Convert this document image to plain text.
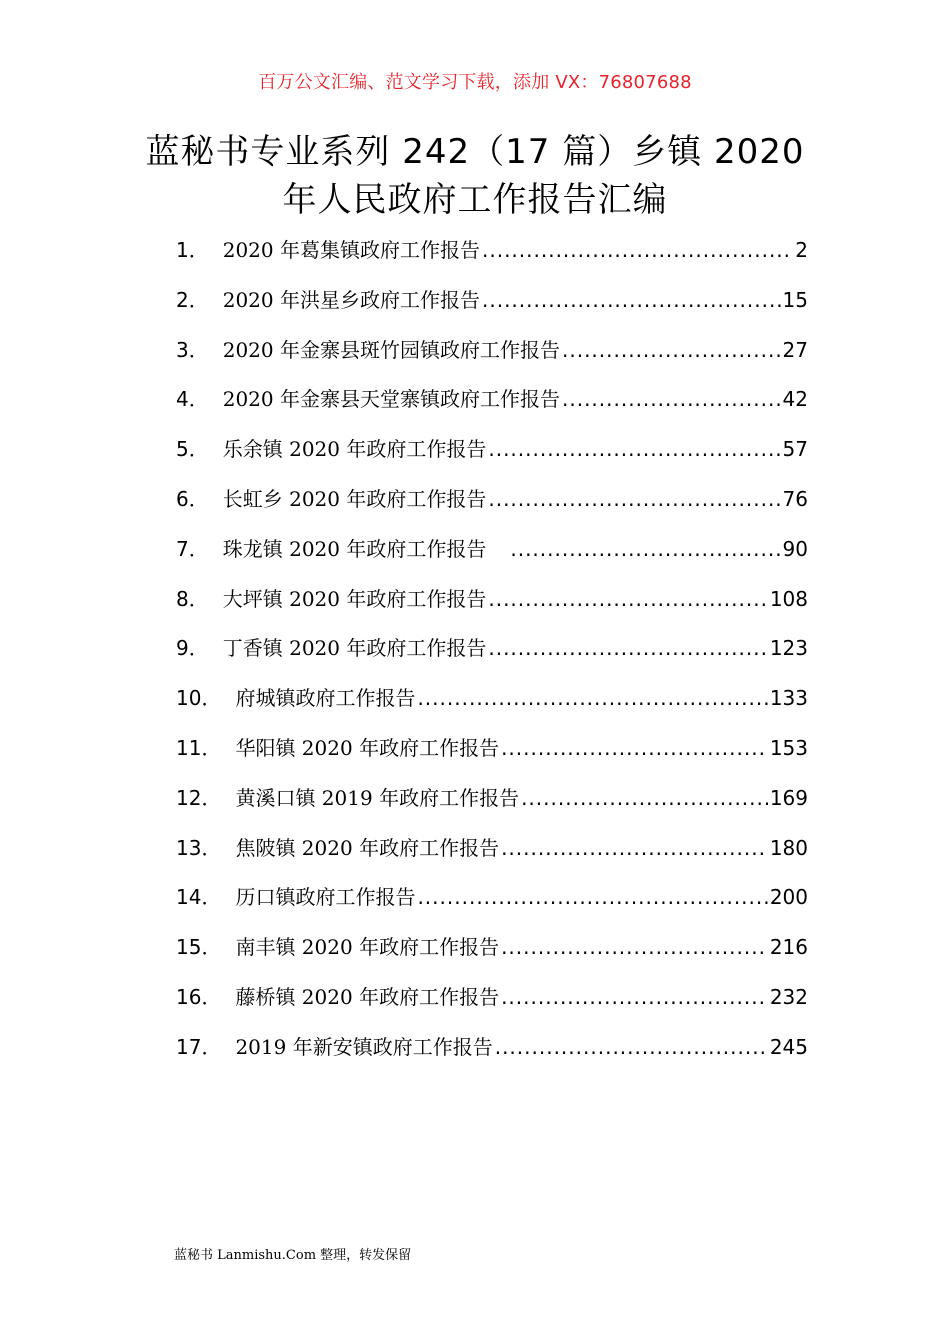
百万公文汇编、范文学习下载，添加 VX：76807688
蓝秘书专业系列 242（17 篇）乡镇 2020
年人民政府工作报告汇编
1． 2020 年葛集镇政府工作报告 .....	2
2． 2020 年洪星乡政府工作报告 .....	15
3． 2020 年金寨县斑竹园镇政府工作报告 .....	27
4． 2020 年金寨县天堂寨镇政府工作报告 .....	42
5． 乐余镇 2020 年政府工作报告 .....	57
6． 长虹乡 2020 年政府工作报告 .....	76
7． 珠龙镇 2020 年政府工作报告 .....	90
8． 大坪镇 2020 年政府工作报告 .....	108
9． 丁香镇 2020 年政府工作报告 .....	123
10． 府城镇政府工作报告 .....	133
11． 华阳镇 2020 年政府工作报告 .....	153
12． 黄溪口镇 2019 年政府工作报告 .....	169
13． 焦陂镇 2020 年政府工作报告 .....	180
14． 历口镇政府工作报告 .....	200
15． 南丰镇 2020 年政府工作报告 .....	216
16． 藤桥镇 2020 年政府工作报告 .....	232
17． 2019 年新安镇政府工作报告 .....	245
蓝秘书 Lanmishu.Com 整理，转发保留
